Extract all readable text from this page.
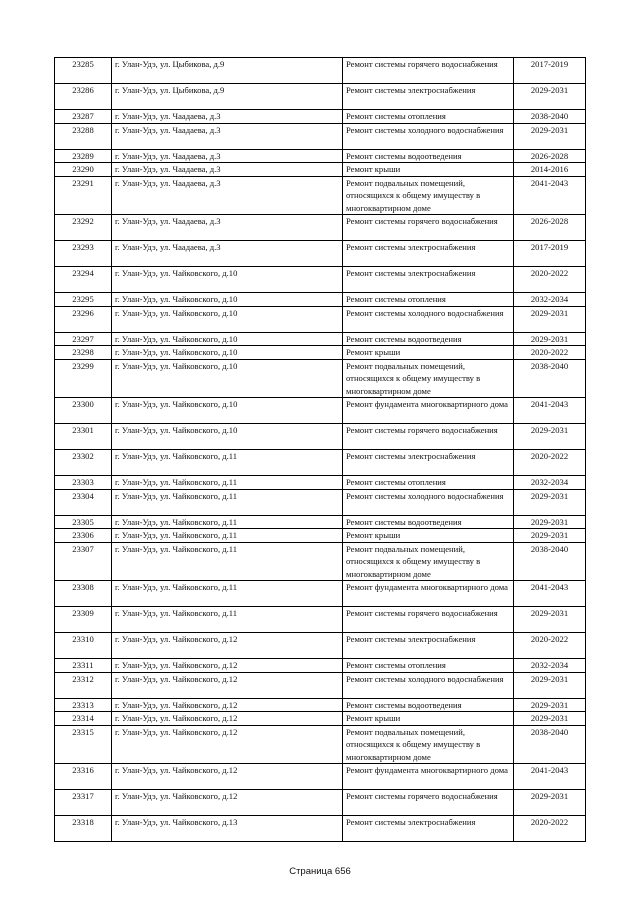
23285	г. Улан-Удэ, ул. Цыбикова, д.9	Ремонт системы горячего водоснабжения	2017-2019
23286	г. Улан-Удэ, ул. Цыбикова, д.9	Ремонт системы электроснабжения	2029-2031
23287	г. Улан-Удэ, ул. Чаадаева, д.3	Ремонт системы отопления	2038-2040
23288	г. Улан-Удэ, ул. Чаадаева, д.3	Ремонт системы холодного водоснабжения	2029-2031
23289	г. Улан-Удэ, ул. Чаадаева, д.3	Ремонт системы водоотведения	2026-2028
23290	г. Улан-Удэ, ул. Чаадаева, д.3	Ремонт крыши	2014-2016
23291	г. Улан-Удэ, ул. Чаадаева, д.3	Ремонт подвальных помещений, относящихся к общему имуществу в многоквартирном доме	2041-2043
23292	г. Улан-Удэ, ул. Чаадаева, д.3	Ремонт системы горячего водоснабжения	2026-2028
23293	г. Улан-Удэ, ул. Чаадаева, д.3	Ремонт системы электроснабжения	2017-2019
23294	г. Улан-Удэ, ул. Чайковского, д.10	Ремонт системы электроснабжения	2020-2022
23295	г. Улан-Удэ, ул. Чайковского, д.10	Ремонт системы отопления	2032-2034
23296	г. Улан-Удэ, ул. Чайковского, д.10	Ремонт системы холодного водоснабжения	2029-2031
23297	г. Улан-Удэ, ул. Чайковского, д.10	Ремонт системы водоотведения	2029-2031
23298	г. Улан-Удэ, ул. Чайковского, д.10	Ремонт крыши	2020-2022
23299	г. Улан-Удэ, ул. Чайковского, д.10	Ремонт подвальных помещений, относящихся к общему имуществу в многоквартирном доме	2038-2040
23300	г. Улан-Удэ, ул. Чайковского, д.10	Ремонт фундамента многоквартирного дома	2041-2043
23301	г. Улан-Удэ, ул. Чайковского, д.10	Ремонт системы горячего водоснабжения	2029-2031
23302	г. Улан-Удэ, ул. Чайковского, д.11	Ремонт системы электроснабжения	2020-2022
23303	г. Улан-Удэ, ул. Чайковского, д.11	Ремонт системы отопления	2032-2034
23304	г. Улан-Удэ, ул. Чайковского, д.11	Ремонт системы холодного водоснабжения	2029-2031
23305	г. Улан-Удэ, ул. Чайковского, д.11	Ремонт системы водоотведения	2029-2031
23306	г. Улан-Удэ, ул. Чайковского, д.11	Ремонт крыши	2029-2031
23307	г. Улан-Удэ, ул. Чайковского, д.11	Ремонт подвальных помещений, относящихся к общему имуществу в многоквартирном доме	2038-2040
23308	г. Улан-Удэ, ул. Чайковского, д.11	Ремонт фундамента многоквартирного дома	2041-2043
23309	г. Улан-Удэ, ул. Чайковского, д.11	Ремонт системы горячего водоснабжения	2029-2031
23310	г. Улан-Удэ, ул. Чайковского, д.12	Ремонт системы электроснабжения	2020-2022
23311	г. Улан-Удэ, ул. Чайковского, д.12	Ремонт системы отопления	2032-2034
23312	г. Улан-Удэ, ул. Чайковского, д.12	Ремонт системы холодного водоснабжения	2029-2031
23313	г. Улан-Удэ, ул. Чайковского, д.12	Ремонт системы водоотведения	2029-2031
23314	г. Улан-Удэ, ул. Чайковского, д.12	Ремонт крыши	2029-2031
23315	г. Улан-Удэ, ул. Чайковского, д.12	Ремонт подвальных помещений, относящихся к общему имуществу в многоквартирном доме	2038-2040
23316	г. Улан-Удэ, ул. Чайковского, д.12	Ремонт фундамента многоквартирного дома	2041-2043
23317	г. Улан-Удэ, ул. Чайковского, д.12	Ремонт системы горячего водоснабжения	2029-2031
23318	г. Улан-Удэ, ул. Чайковского, д.13	Ремонт системы электроснабжения	2020-2022
Страница 656
